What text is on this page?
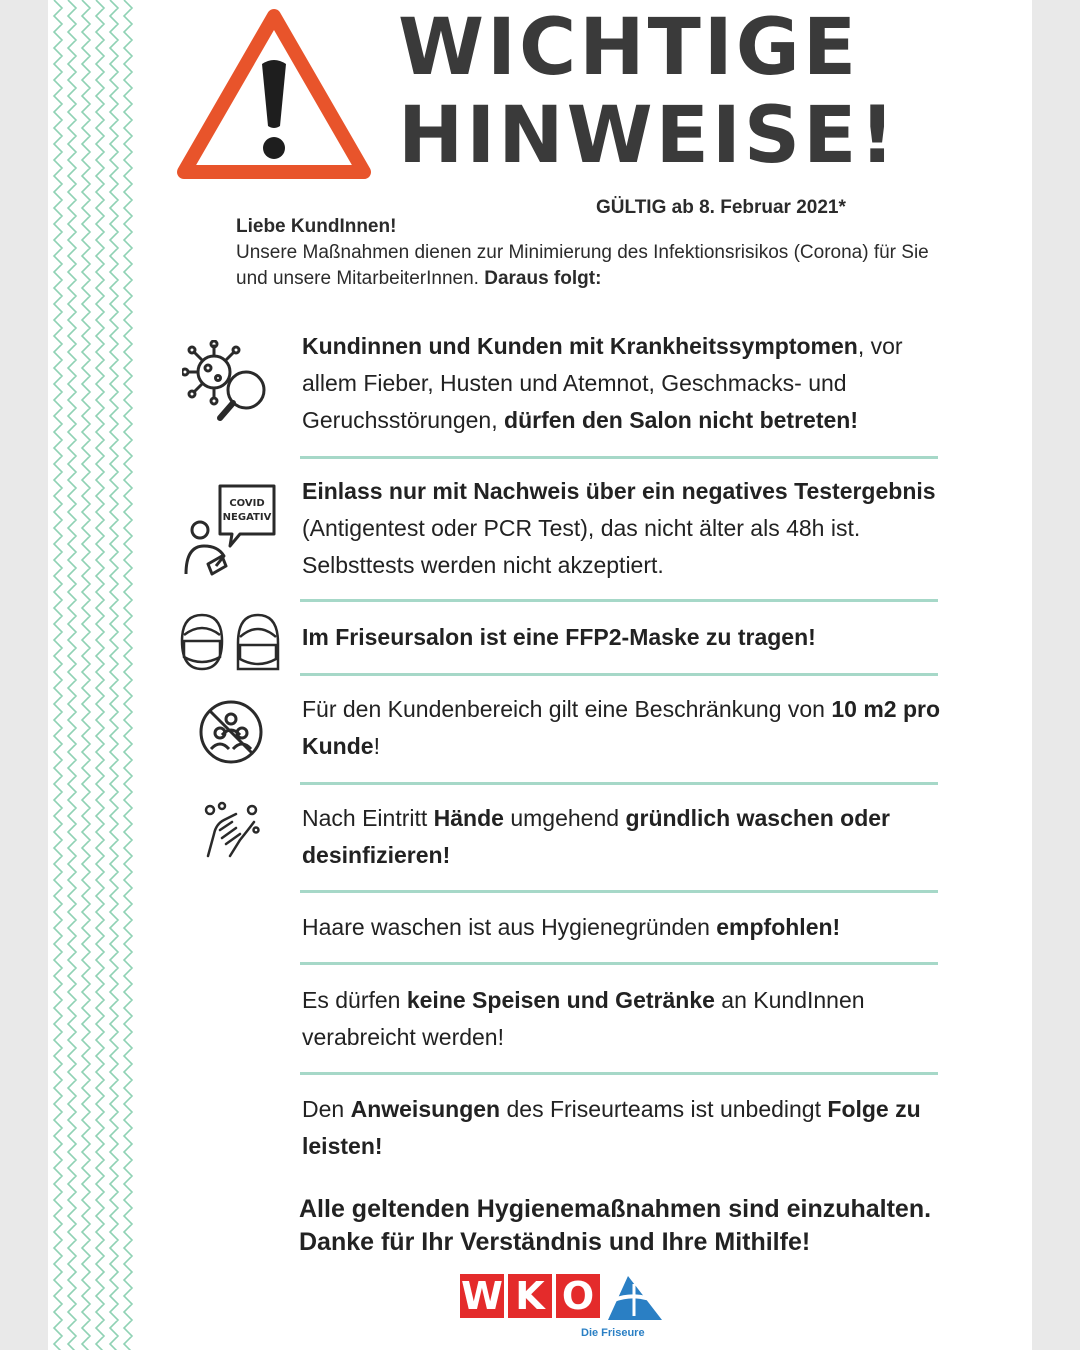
WICHTIGE
HINWEISE!
GÜLTIG ab 8. Februar 2021*
Liebe KundInnen!
Unsere Maßnahmen dienen zur Minimierung des Infektionsrisikos (Corona) für Sie und unsere MitarbeiterInnen. Daraus folgt:
Kundinnen und Kunden mit Krankheitssymptomen, vor allem Fieber, Husten und Atemnot, Geschmacks- und Geruchsstörungen, dürfen den Salon nicht betreten!
Einlass nur mit Nachweis über ein negatives Testergebnis (Antigentest oder PCR Test), das nicht älter als 48h ist. Selbsttests werden nicht akzeptiert.
Im Friseursalon ist eine FFP2-Maske zu tragen!
Für den Kundenbereich gilt eine Beschränkung von 10 m2 pro Kunde!
Nach Eintritt Hände umgehend gründlich waschen oder desinfizieren!
Haare waschen ist aus Hygienegründen empfohlen!
Es dürfen keine Speisen und Getränke an KundInnen verabreicht werden!
Den Anweisungen des Friseurteams ist unbedingt Folge zu leisten!
COVID
NEGATIV
Alle geltenden Hygienemaßnahmen sind einzuhalten.
Danke für Ihr Verständnis und Ihre Mithilfe!
W K O
Die Friseure
